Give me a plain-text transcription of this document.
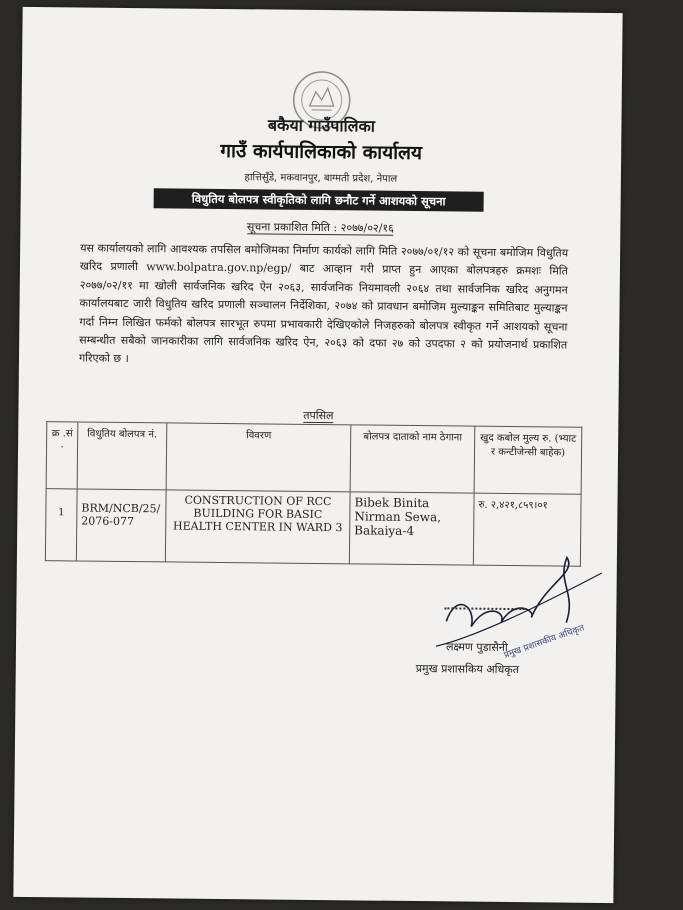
बकैया गाउँपालिका
गाउँ कार्यपालिकाको कार्यालय
हात्तिसुँडे, मकवानपुर, बाग्मती प्रदेश, नेपाल
विधुतिय बोलपत्र स्वीकृतिको लागि छनौट गर्ने आशयको सूचना
सूचना प्रकाशित मिति : २०७७/०२/१६
यस कार्यालयको लागि आवश्यक तपसिल बमोजिमका निर्माण कार्यको लागि मिति २०७७/०१/१२ को सूचना बमोजिम विधुतिय खरिद प्रणाली www.bolpatra.gov.np/egp/ बाट आव्हान गरी प्राप्त हुन आएका बोलपत्रहरु क्रमशः मिति २०७७/०२/११ मा खोली सार्वजनिक खरिद ऐन २०६३, सार्वजनिक नियमावली २०६४ तथा सार्वजनिक खरिद अनुगमन कार्यालयबाट जारी विधुतिय खरिद प्रणाली सञ्चालन निर्देशिका, २०७४ को प्रावधान बमोजिम मुल्याङ्कन समितिबाट मुल्याङ्कन गर्दा निम्न लिखित फर्मको बोलपत्र सारभूत रुपमा प्रभावकारी देखिएकोले निजहरुको बोलपत्र स्वीकृत गर्ने आशयको सूचना सम्बन्धीत सबैको जानकारीका लागि सार्वजनिक खरिद ऐन, २०६३ को दफा २७ को उपदफा २ को प्रयोजनार्थ प्रकाशित गरिएको छ ।
तपसिल
क्र .सं .	विधुतिय बोलपत्र नं.	विवरण	बोलपत्र दाताको नाम ठेगाना	खुद कबोल मुल्य रु. (भ्याट र कन्टीजेन्सी बाहेक)
1	BRM/NCB/25/ 2076-077	CONSTRUCTION OF RCC BUILDING FOR BASIC HEALTH CENTER IN WARD 3	Bibek Binita Nirman Sewa, Bakaiya-4	रु. २,४२१,८५९।०१
प्रमुख प्रशासकीय अधिकृत
लक्ष्मण पुडासैनी
प्रमुख प्रशासकिय अधिकृत
